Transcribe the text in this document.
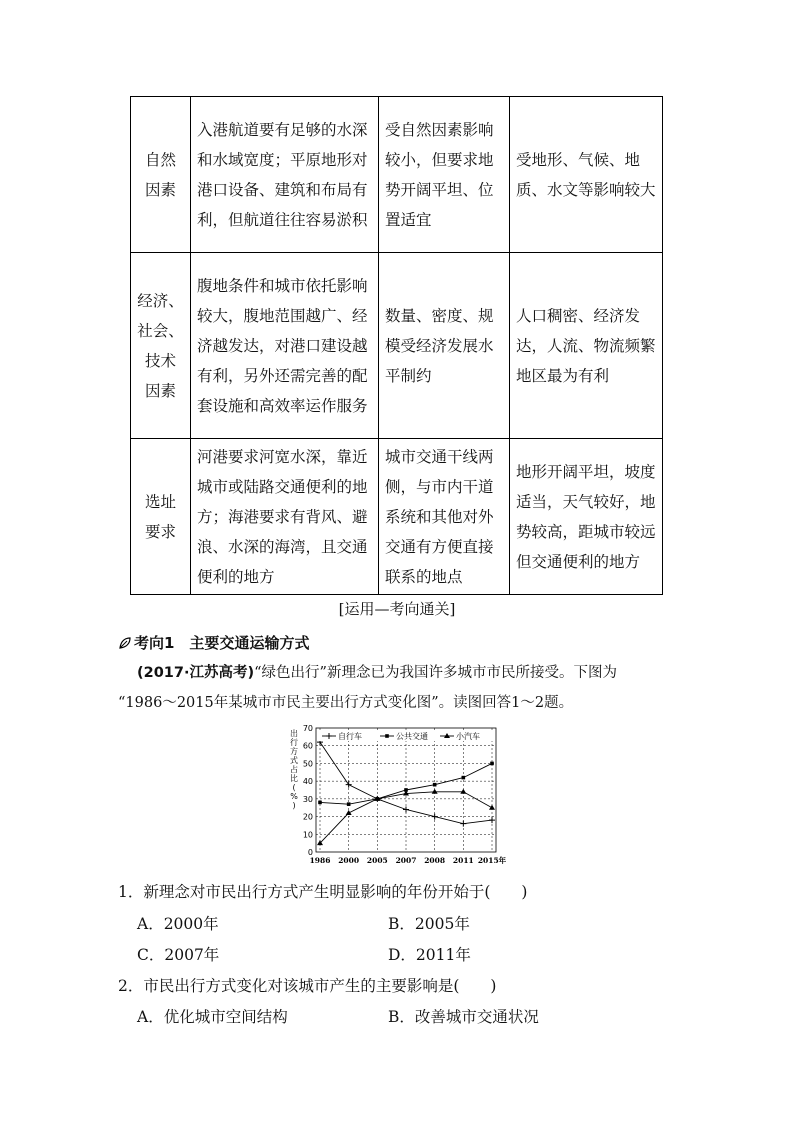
自然
因素	入港航道要有足够的水深和水域宽度；平原地形对港口设备、建筑和布局有利，但航道往往容易淤积	受自然因素影响较小，但要求地势开阔平坦、位置适宜	受地形、气候、地质、水文等影响较大

经济、
社会、
技术
因素	腹地条件和城市依托影响较大，腹地范围越广、经济越发达，对港口建设越有利，另外还需完善的配套设施和高效率运作服务	数量、密度、规模受经济发展水平制约	人口稠密、经济发达，人流、物流频繁地区最为有利

选址
要求	河港要求河宽水深，靠近城市或陆路交通便利的地方；海港要求有背风、避浪、水深的海湾，且交通便利的地方	城市交通干线两侧，与市内干道系统和其他对外交通有方便直接联系的地点	地形开阔平坦，坡度适当，天气较好，地势较高，距城市较远但交通便利的地方
[运用—考向通关]
考向1　主要交通运输方式
(2017·江苏高考)“绿色出行”新理念已为我国许多城市市民所接受。下图为
“1986～2015年某城市市民主要出行方式变化图”。读图回答1～2题。
0
10
20
30
40
50
60
70
1986 2000 2005 2007 2008 2011 2015年
出
行
方
式
占
比
(
%
)
自行车	公共交通	小汽车
1．新理念对市民出行方式产生明显影响的年份开始于(　　)
A．2000年	B．2005年
C．2007年	D．2011年
2．市民出行方式变化对该城市产生的主要影响是(　　)
A．优化城市空间结构	B．改善城市交通状况
